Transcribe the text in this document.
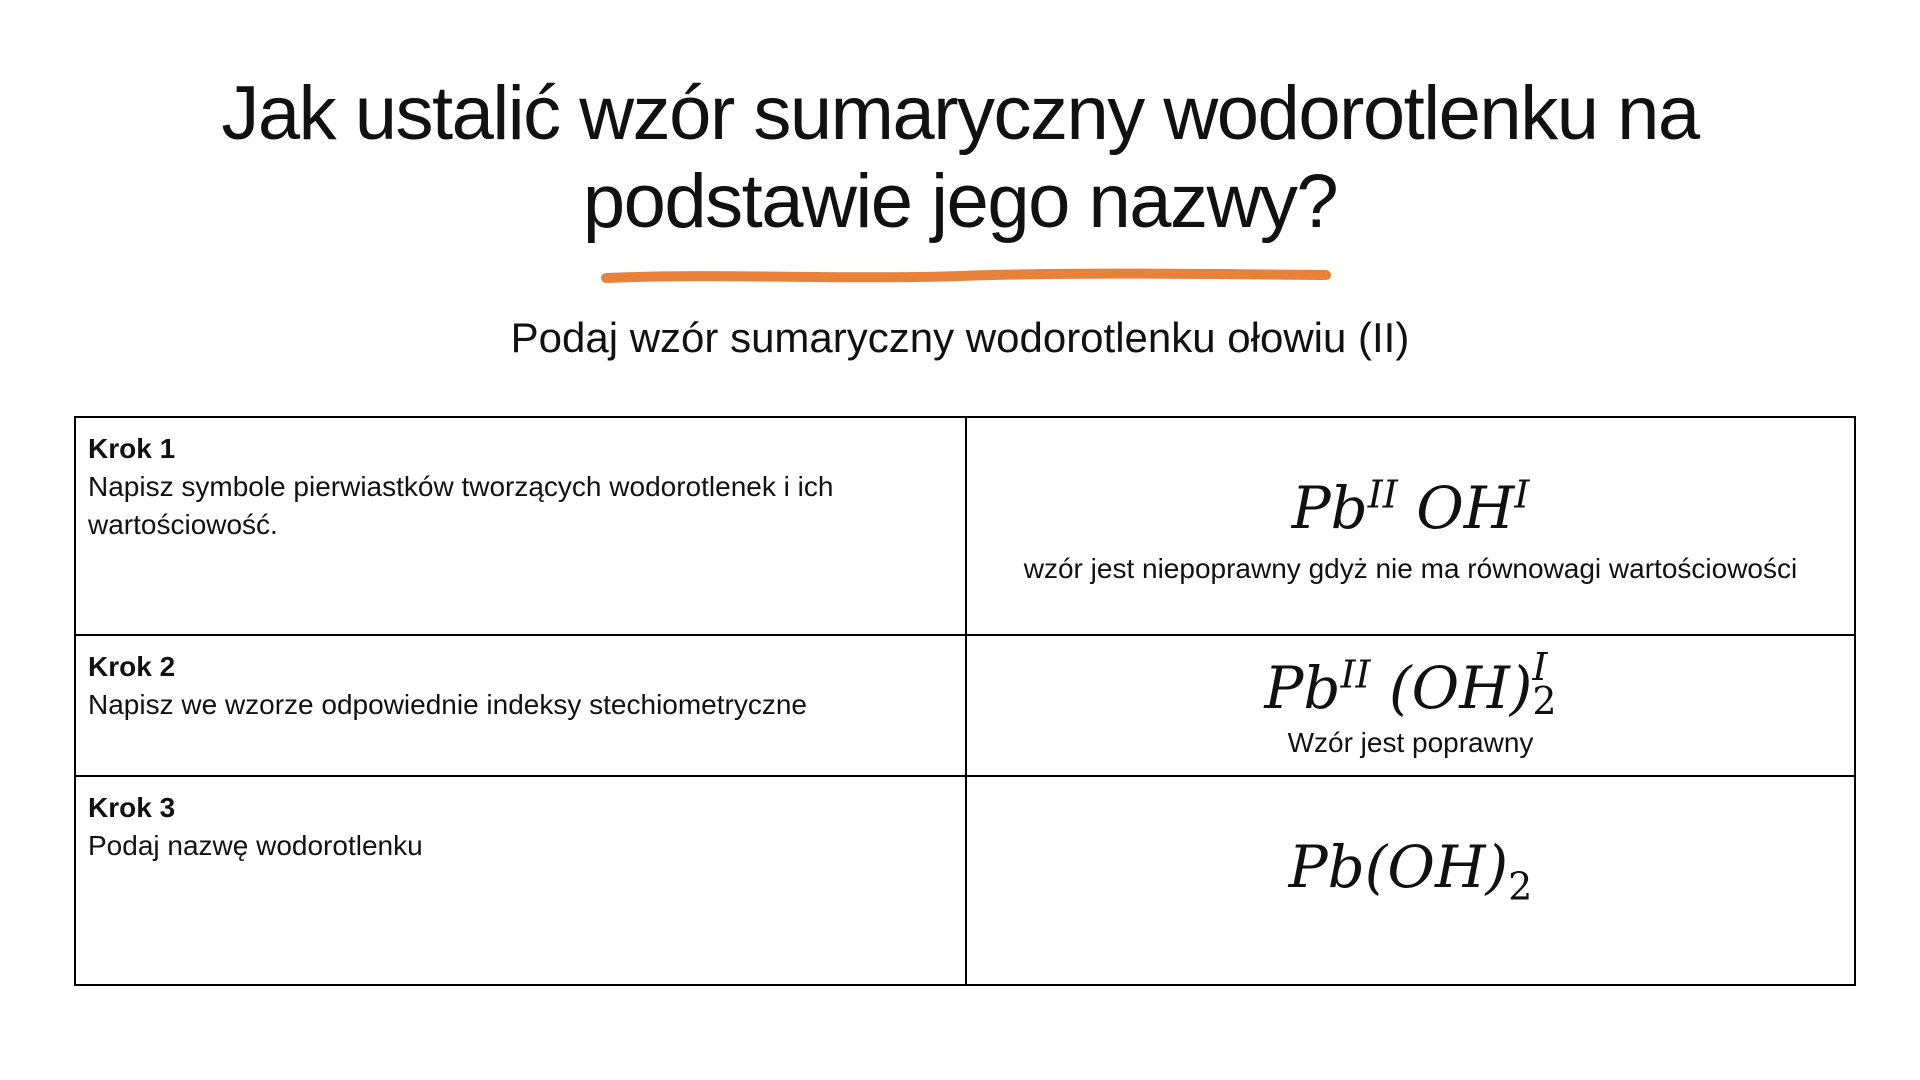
Jak ustalić wzór sumaryczny wodorotlenku na
podstawie jego nazwy?

Podaj wzór sumaryczny wodorotlenku ołowiu (II)

Krok 1
Napisz symbole pierwiastków tworzących wodorotlenek i ich wartościowość.	$Pb^{II}$ $OH^I$
wzór jest niepoprawny gdyż nie ma równowagi wartościowości

Krok 2
Napisz we wzorze odpowiednie indeksy stechiometryczne	$Pb^{II}$ (OH) I
2
Wzór jest poprawny

Krok 3
Podaj nazwę wodorotlenku	$Pb(OH)_2$
